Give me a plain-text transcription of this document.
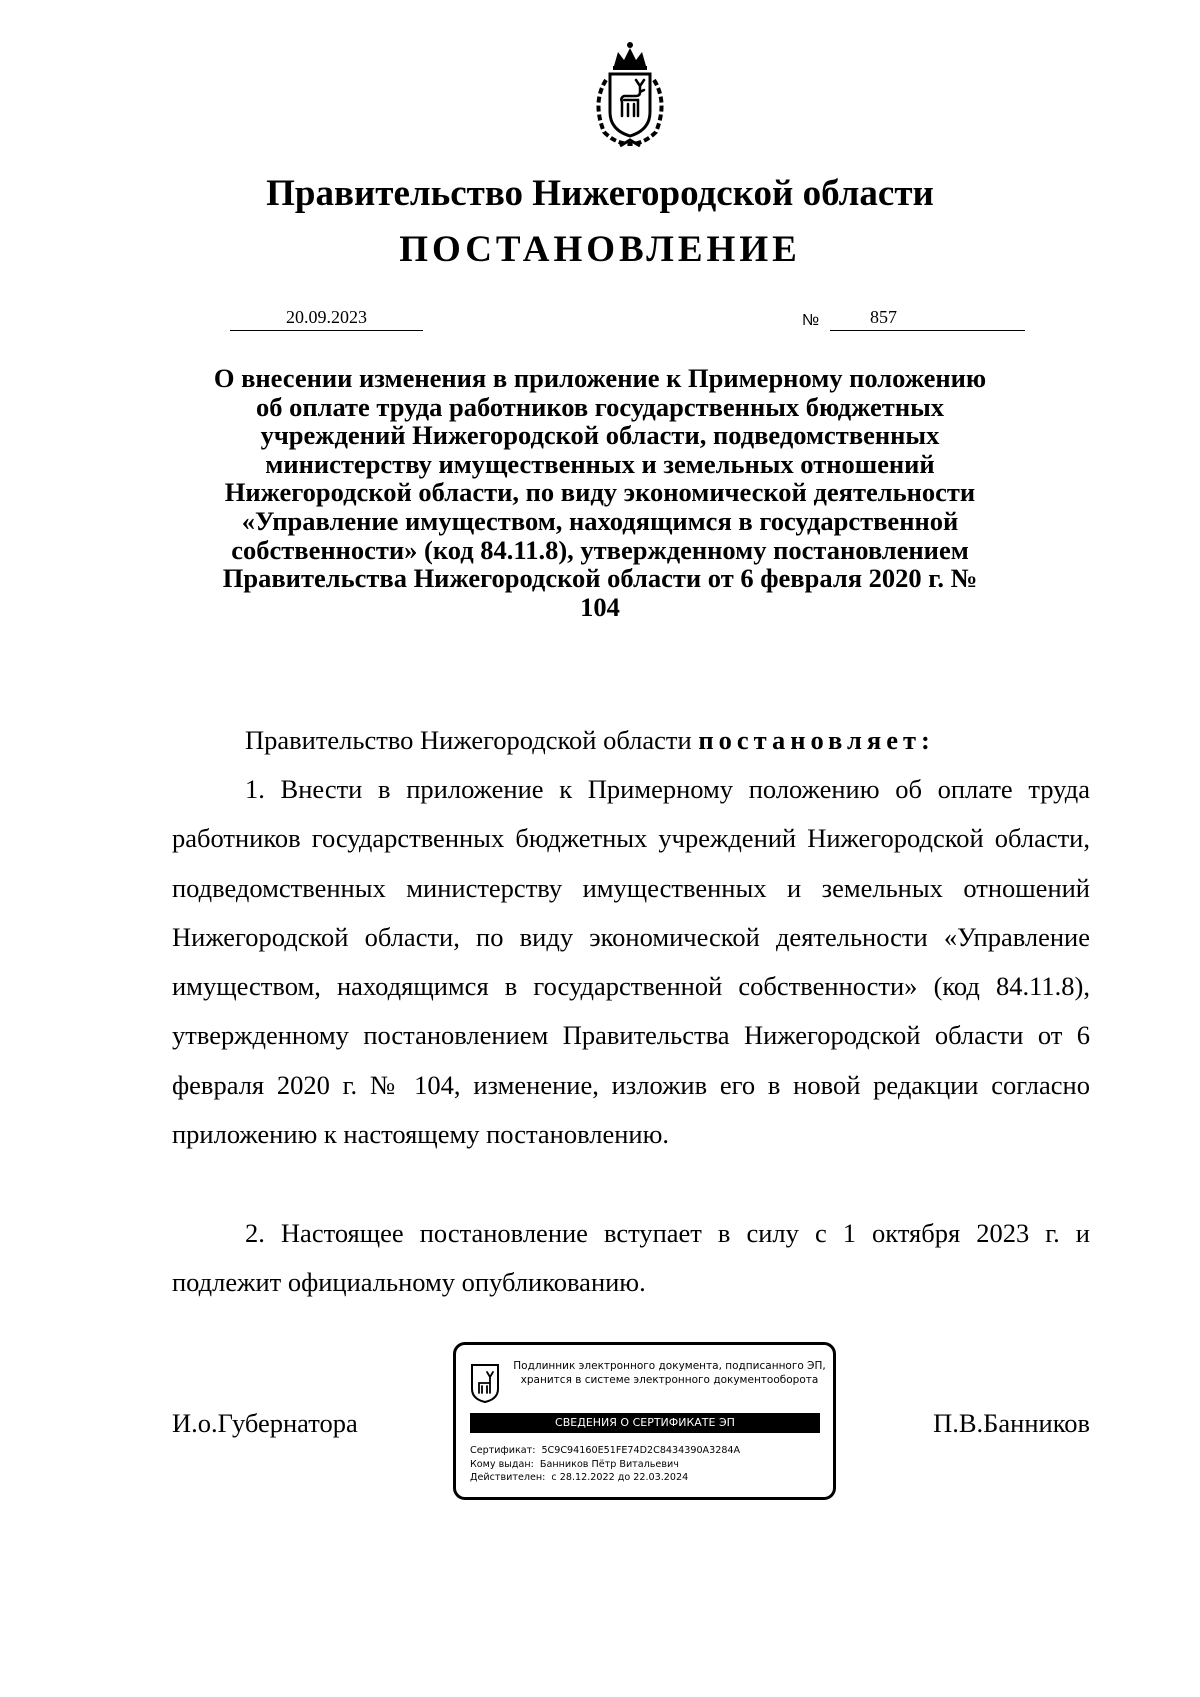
Правительство Нижегородской области
ПОСТАНОВЛЕНИЕ
20.09.2023	№	857

О внесении изменения в приложение к Примерному положению об оплате труда работников государственных бюджетных учреждений Нижегородской области, подведомственных министерству имущественных и земельных отношений Нижегородской области, по виду экономической деятельности «Управление имуществом, находящимся в государственной собственности» (код 84.11.8), утвержденному постановлением Правительства Нижегородской области от 6 февраля 2020 г. № 104

Правительство Нижегородской области постановляет:

1. Внести в приложение к Примерному положению об оплате труда работников государственных бюджетных учреждений Нижегородской области, подведомственных министерству имущественных и земельных отношений Нижегородской области, по виду экономической деятельности «Управление имуществом, находящимся в государственной собственности» (код 84.11.8), утвержденному постановлением Правительства Нижегородской области от 6 февраля 2020 г. № 104, изменение, изложив его в новой редакции согласно приложению к настоящему постановлению.

2. Настоящее постановление вступает в силу с 1 октября 2023 г. и подлежит официальному опубликованию.

И.о.Губернатора	П.В.Банников
Подлинник электронного документа, подписанного ЭП,
хранится в системе электронного документооборота
СВЕДЕНИЯ О СЕРТИФИКАТЕ ЭП
Сертификат: 5C9C94160E51FE74D2C8434390A3284A
Кому выдан: Банников Пётр Витальевич
Действителен: с 28.12.2022 до 22.03.2024
